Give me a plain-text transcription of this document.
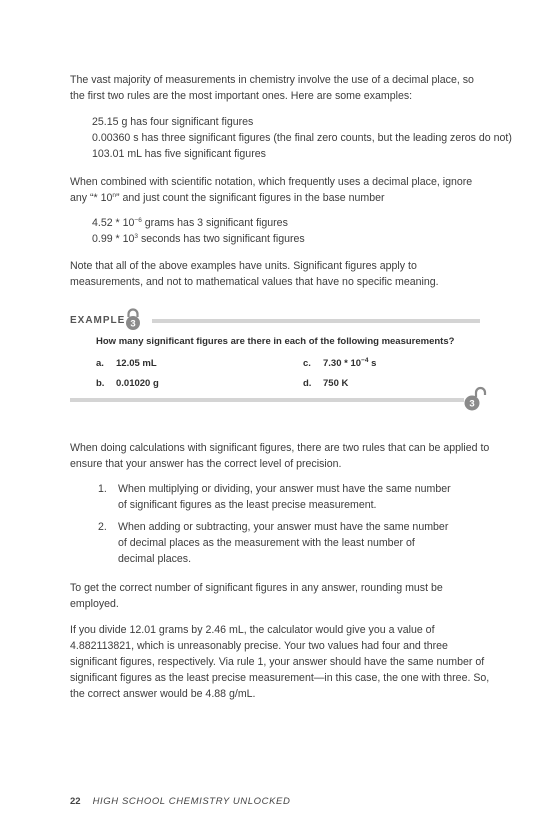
The vast majority of measurements in chemistry involve the use of a decimal place, so the first two rules are the most important ones. Here are some examples:

25.15 g has four significant figures
0.00360 s has three significant figures (the final zero counts, but the leading zeros do not)
103.01 mL has five significant figures

When combined with scientific notation, which frequently uses a decimal place, ignore any “* 10$^n$” and just count the significant figures in the base number

$4.52 * 10^{-6}$ grams has 3 significant figures
$0.99 * 10^3$ seconds has two significant figures

Note that all of the above examples have units. Significant figures apply to measurements, and not to mathematical values that have no specific meaning.

EXAMPLE 3
How many significant figures are there in each of the following measurements?
a. 12.05 mL
b. 0.01020 g
c. $7.30 * 10^{-4}$ s
d. 750 K
3

When doing calculations with significant figures, there are two rules that can be applied to ensure that your answer has the correct level of precision.

1. When multiplying or dividing, your answer must have the same number of significant figures as the least precise measurement.
2. When adding or subtracting, your answer must have the same number of decimal places as the measurement with the least number of decimal places.

To get the correct number of significant figures in any answer, rounding must be employed.

If you divide 12.01 grams by 2.46 mL, the calculator would give you a value of 4.882113821, which is unreasonably precise. Your two values had four and three significant figures, respectively. Via rule 1, your answer should have the same number of significant figures as the least precise measurement—in this case, the one with three. So, the correct answer would be 4.88 g/mL.

22 HIGH SCHOOL CHEMISTRY UNLOCKED
